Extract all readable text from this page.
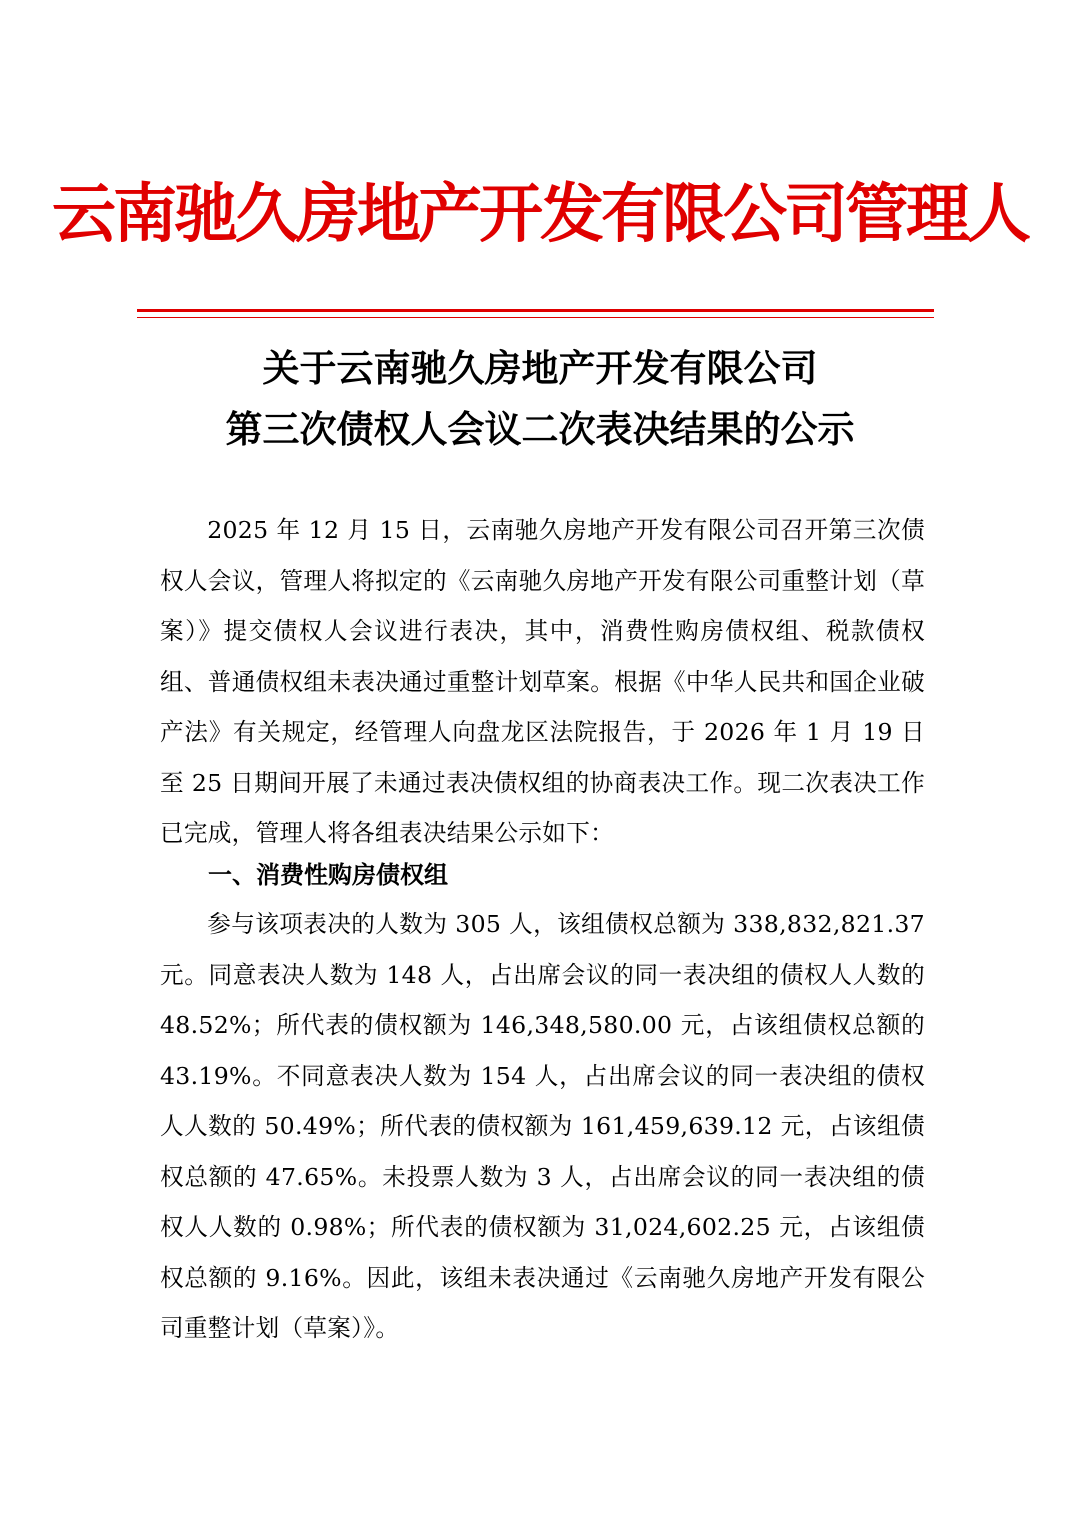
云南驰久房地产开发有限公司管理人
关于云南驰久房地产开发有限公司
第三次债权人会议二次表决结果的公示

2025 年 12 月 15 日，云南驰久房地产开发有限公司召开第三次债权人会议，管理人将拟定的《云南驰久房地产开发有限公司重整计划（草案）》提交债权人会议进行表决，其中，消费性购房债权组、税款债权组、普通债权组未表决通过重整计划草案。根据《中华人民共和国企业破产法》有关规定，经管理人向盘龙区法院报告，于 2026 年 1 月 19 日至 25 日期间开展了未通过表决债权组的协商表决工作。现二次表决工作已完成，管理人将各组表决结果公示如下：

一、消费性购房债权组

参与该项表决的人数为 305 人，该组债权总额为 338,832,821.37 元。同意表决人数为 148 人，占出席会议的同一表决组的债权人人数的 48.52%；所代表的债权额为 146,348,580.00 元，占该组债权总额的 43.19%。不同意表决人数为 154 人，占出席会议的同一表决组的债权人人数的 50.49%；所代表的债权额为 161,459,639.12 元，占该组债权总额的 47.65%。未投票人数为 3 人，占出席会议的同一表决组的债权人人数的 0.98%；所代表的债权额为 31,024,602.25 元，占该组债权总额的 9.16%。因此，该组未表决通过《云南驰久房地产开发有限公司重整计划（草案）》。
